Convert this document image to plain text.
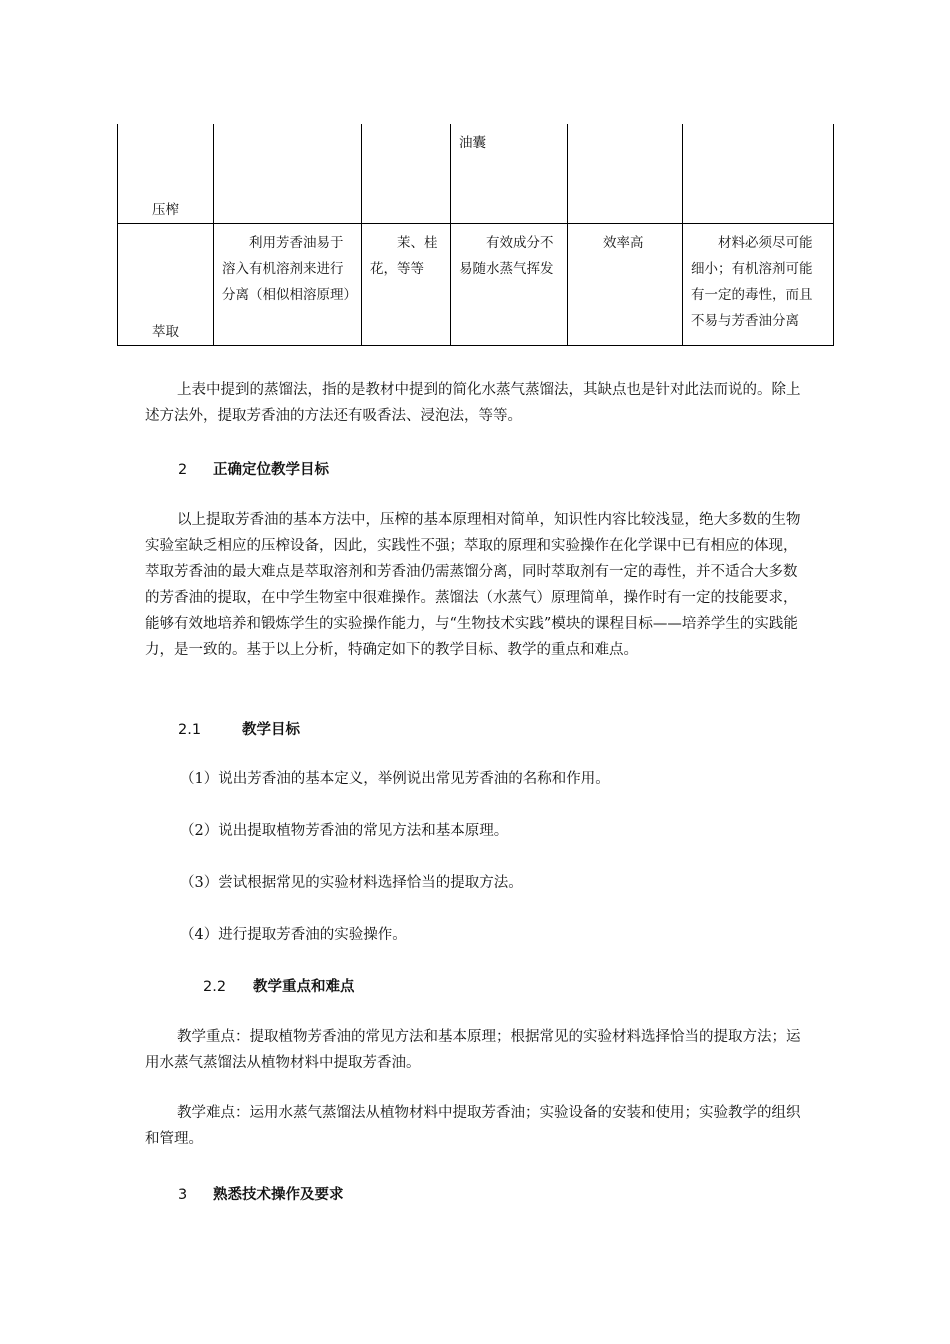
压榨			油囊		
萃取	利用芳香油易于溶入有机溶剂来进行分离（相似相溶原理）	茉、桂花，等等	有效成分不易随水蒸气挥发	效率高	材料必须尽可能细小；有机溶剂可能有一定的毒性，而且不易与芳香油分离

上表中提到的蒸馏法，指的是教材中提到的简化水蒸气蒸馏法，其缺点也是针对此法而说的。除上述方法外，提取芳香油的方法还有吸香法、浸泡法，等等。

2 正确定位教学目标

以上提取芳香油的基本方法中，压榨的基本原理相对简单，知识性内容比较浅显，绝大多数的生物实验室缺乏相应的压榨设备，因此，实践性不强；萃取的原理和实验操作在化学课中已有相应的体现，萃取芳香油的最大难点是萃取溶剂和芳香油仍需蒸馏分离，同时萃取剂有一定的毒性，并不适合大多数的芳香油的提取，在中学生物室中很难操作。蒸馏法（水蒸气）原理简单，操作时有一定的技能要求，能够有效地培养和锻炼学生的实验操作能力，与“生物技术实践”模块的课程目标——培养学生的实践能力，是一致的。基于以上分析，特确定如下的教学目标、教学的重点和难点。

2.1	教学目标

（1）说出芳香油的基本定义，举例说出常见芳香油的名称和作用。

（2）说出提取植物芳香油的常见方法和基本原理。

（3）尝试根据常见的实验材料选择恰当的提取方法。

（4）进行提取芳香油的实验操作。

2.2 教学重点和难点

教学重点：提取植物芳香油的常见方法和基本原理；根据常见的实验材料选择恰当的提取方法；运用水蒸气蒸馏法从植物材料中提取芳香油。

教学难点：运用水蒸气蒸馏法从植物材料中提取芳香油；实验设备的安装和使用；实验教学的组织和管理。

3 熟悉技术操作及要求
